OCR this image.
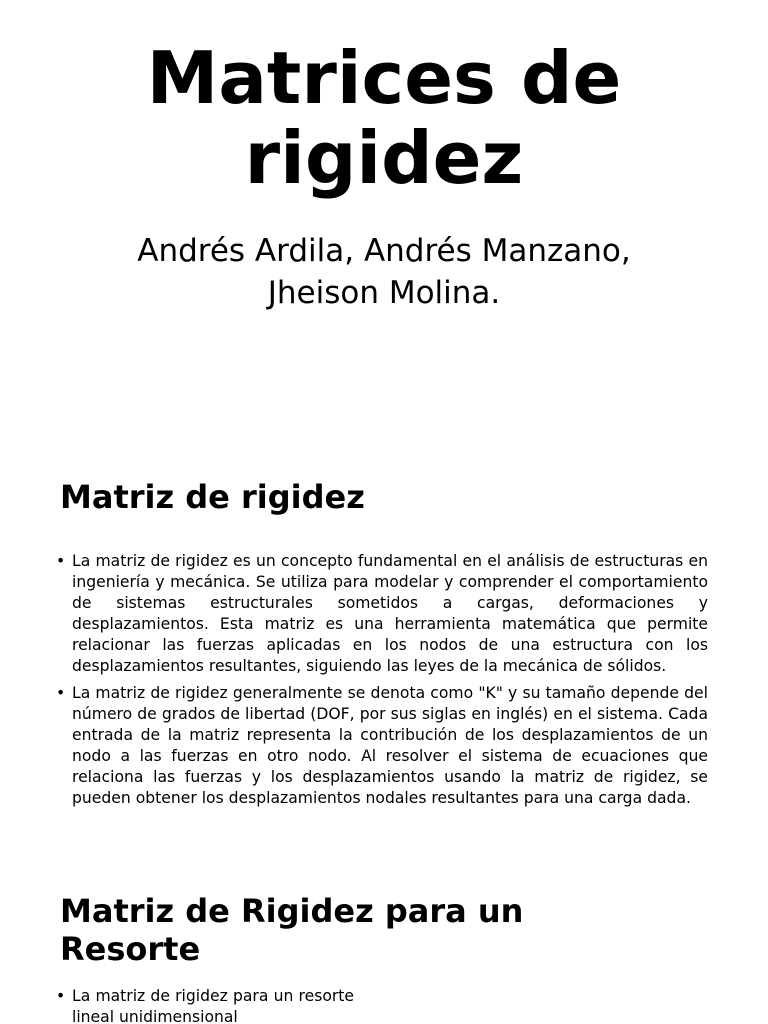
Matrices de rigidez

Andrés Ardila, Andrés Manzano, Jheison Molina.

Matriz de rigidez
• La matriz de rigidez es un concepto fundamental en el análisis de estructuras en ingeniería y mecánica. Se utiliza para modelar y comprender el comportamiento de sistemas estructurales sometidos a cargas, deformaciones y desplazamientos. Esta matriz es una herramienta matemática que permite relacionar las fuerzas aplicadas en los nodos de una estructura con los desplazamientos resultantes, siguiendo las leyes de la mecánica de sólidos.
• La matriz de rigidez generalmente se denota como "K" y su tamaño depende del número de grados de libertad (DOF, por sus siglas en inglés) en el sistema. Cada entrada de la matriz representa la contribución de los desplazamientos de un nodo a las fuerzas en otro nodo. Al resolver el sistema de ecuaciones que relaciona las fuerzas y los desplazamientos usando la matriz de rigidez, se pueden obtener los desplazamientos nodales resultantes para una carga dada.
Matriz de Rigidez para un Resorte
• La matriz de rigidez para un resorte lineal unidimensional
